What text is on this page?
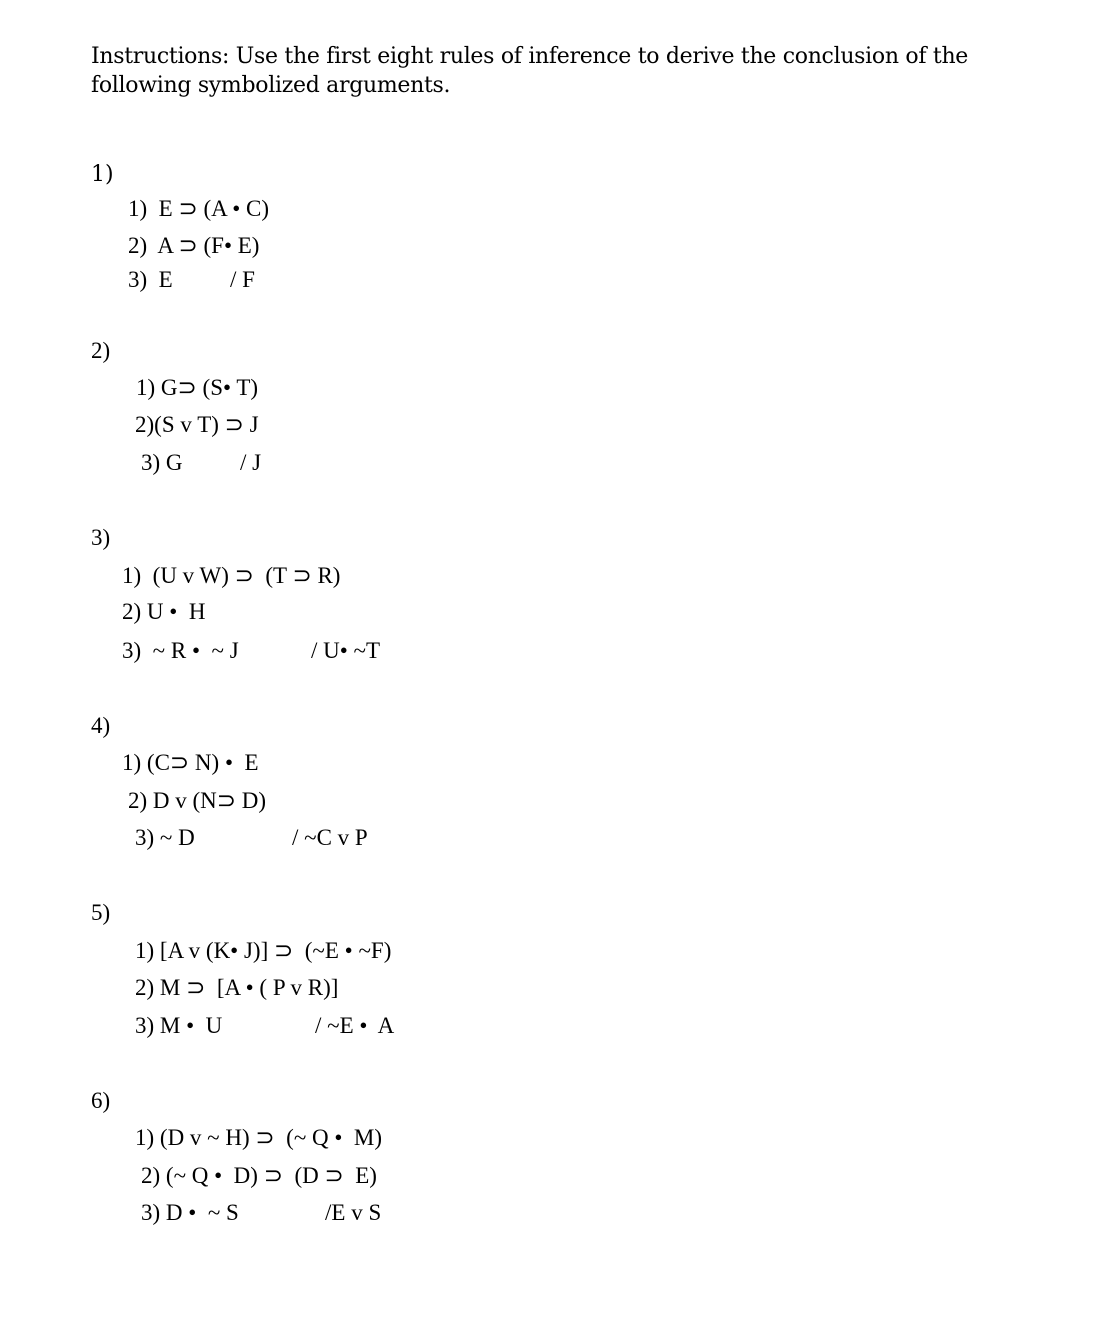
Instructions: Use the first eight rules of inference to derive the conclusion of the following symbolized arguments.
1)
1)  E ⊃ (A • C)
2)  A ⊃ (F• E)
3)  E / F
2)
1) G⊃ (S• T)
2)(S v T) ⊃ J
3) G / J
3)
1)  (U v W) ⊃  (T ⊃ R)
2) U •  H
3)  ~ R •  ~ J	/ U• ~T
4)
1) (C⊃ N) •  E
2) D v (N⊃ D)
3) ~ D	/ ~C v P
5)
1) [A v (K• J)] ⊃  (~E • ~F)
2) M ⊃  [A • ( P v R)]
3) M •  U	/ ~E •  A
6)
1) (D v ~ H) ⊃  (~ Q •  M)
2) (~ Q •  D) ⊃  (D ⊃  E)
3) D •  ~ S	/E v S
